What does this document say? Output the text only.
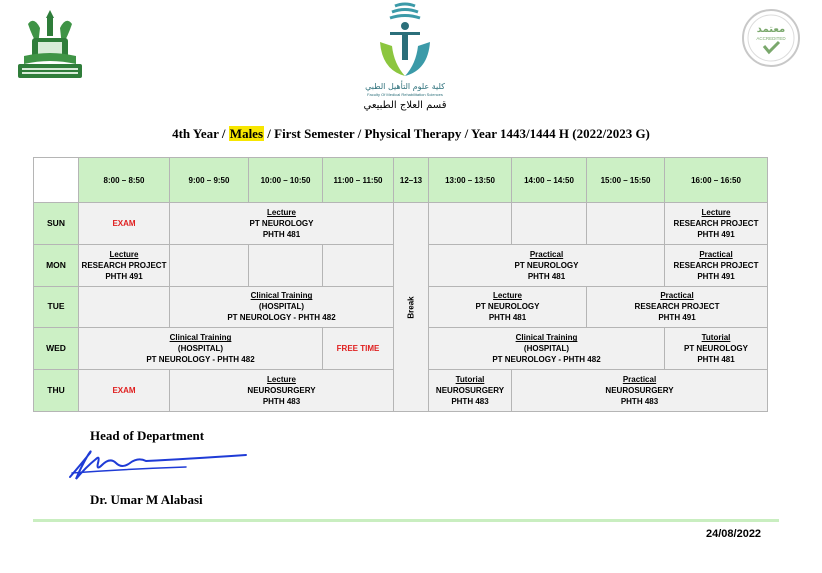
كلية علوم التأهيل الطبي
Faculty Of Medical Rehabilitation Sciences
معتمد
ACCREDITED
قسم العلاج الطبيعي
4th Year / Males / First Semester / Physical Therapy / Year 1443/1444 H (2022/2023 G)
	8:00 – 8:50	9:00 – 9:50	10:00 – 10:50	11:00 – 11:50	12–13	13:00 – 13:50	14:00 – 14:50	15:00 – 15:50	16:00 – 16:50
SUN	EXAM	Lecture
PT NEUROLOGY
PHTH 481			Break				Lecture
RESEARCH PROJECT
PHTH 491

MON	Lecture
RESEARCH PROJECT
PHTH 491					Practical
PT NEUROLOGY
PHTH 481			Practical
RESEARCH PROJECT
PHTH 491

TUE		Clinical Training
(HOSPITAL)
PT NEUROLOGY - PHTH 482				Lecture
PT NEUROLOGY
PHTH 481		Practical
RESEARCH PROJECT
PHTH 491	

WED	Clinical Training
(HOSPITAL)
PT NEUROLOGY - PHTH 482			FREE TIME		Clinical Training
(HOSPITAL)
PT NEUROLOGY - PHTH 482			Tutorial
PT NEUROLOGY
PHTH 481

THU	EXAM	Lecture
NEUROSURGERY
PHTH 483				Tutorial
NEUROSURGERY
PHTH 483	Practical
NEUROSURGERY
PHTH 483		
Head of Department
Dr. Umar M Alabasi
24/08/2022
